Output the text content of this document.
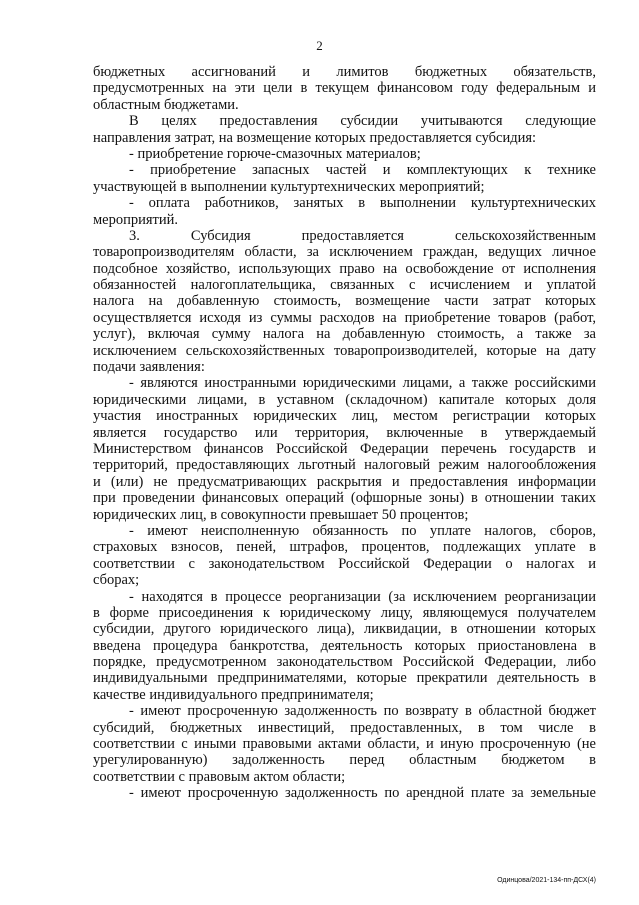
2
бюджетных ассигнований и лимитов бюджетных обязательств,
предусмотренных на эти цели в текущем финансовом году федеральным и
областным бюджетами.
В целях предоставления субсидии учитываются следующие
направления затрат, на возмещение которых предоставляется субсидия:
- приобретение горюче-смазочных материалов;
- приобретение запасных частей и комплектующих к технике
участвующей в выполнении культуртехнических мероприятий;
- оплата работников, занятых в выполнении культуртехнических
мероприятий.
3. Субсидия предоставляется сельскохозяйственным
товаропроизводителям области, за исключением граждан, ведущих личное
подсобное хозяйство, использующих право на освобождение от исполнения
обязанностей налогоплательщика, связанных с исчислением и уплатой
налога на добавленную стоимость, возмещение части затрат которых
осуществляется исходя из суммы расходов на приобретение товаров (работ,
услуг), включая сумму налога на добавленную стоимость, а также за
исключением сельскохозяйственных товаропроизводителей, которые на дату
подачи заявления:
- являются иностранными юридическими лицами, а также российскими
юридическими лицами, в уставном (складочном) капитале которых доля
участия иностранных юридических лиц, местом регистрации которых
является государство или территория, включенные в утверждаемый
Министерством финансов Российской Федерации перечень государств и
территорий, предоставляющих льготный налоговый режим налогообложения
и (или) не предусматривающих раскрытия и предоставления информации
при проведении финансовых операций (офшорные зоны) в отношении таких
юридических лиц, в совокупности превышает 50 процентов;
- имеют неисполненную обязанность по уплате налогов, сборов,
страховых взносов, пеней, штрафов, процентов, подлежащих уплате в
соответствии с законодательством Российской Федерации о налогах и
сборах;
- находятся в процессе реорганизации (за исключением реорганизации
в форме присоединения к юридическому лицу, являющемуся получателем
субсидии, другого юридического лица), ликвидации, в отношении которых
введена процедура банкротства, деятельность которых приостановлена в
порядке, предусмотренном законодательством Российской Федерации, либо
индивидуальными предпринимателями, которые прекратили деятельность в
качестве индивидуального предпринимателя;
- имеют просроченную задолженность по возврату в областной бюджет
субсидий, бюджетных инвестиций, предоставленных, в том числе в
соответствии с иными правовыми актами области, и иную просроченную (не
урегулированную) задолженность перед областным бюджетом в
соответствии с правовым актом области;
- имеют просроченную задолженность по арендной плате за земельные
Одинцова/2021-134-пп-ДСХ(4)
